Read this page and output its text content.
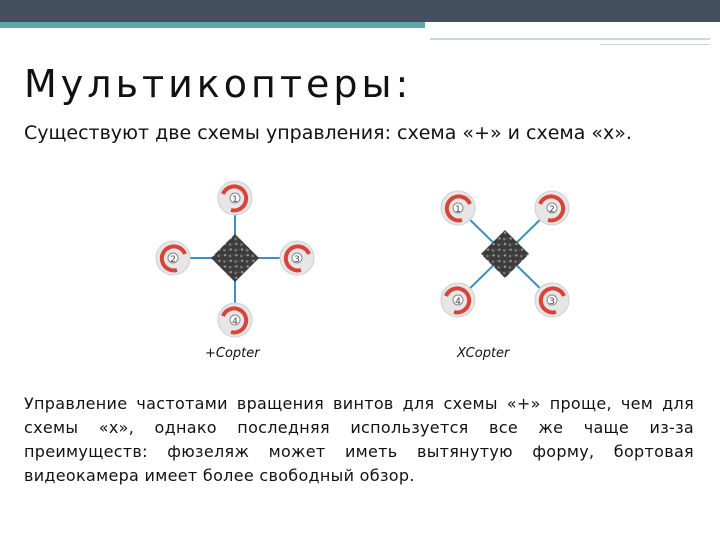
Мультикоптеры:
Существуют две схемы управления: схема «+» и схема «x».
1
2	3
4
1	2
4	3
+Copter	XCopter
Управление частотами вращения винтов для схемы «+» проще, чем для схемы «x», однако последняя используется все же чаще из-за преимуществ: фюзеляж может иметь вытянутую форму, бортовая видеокамера имеет более свободный обзор.
